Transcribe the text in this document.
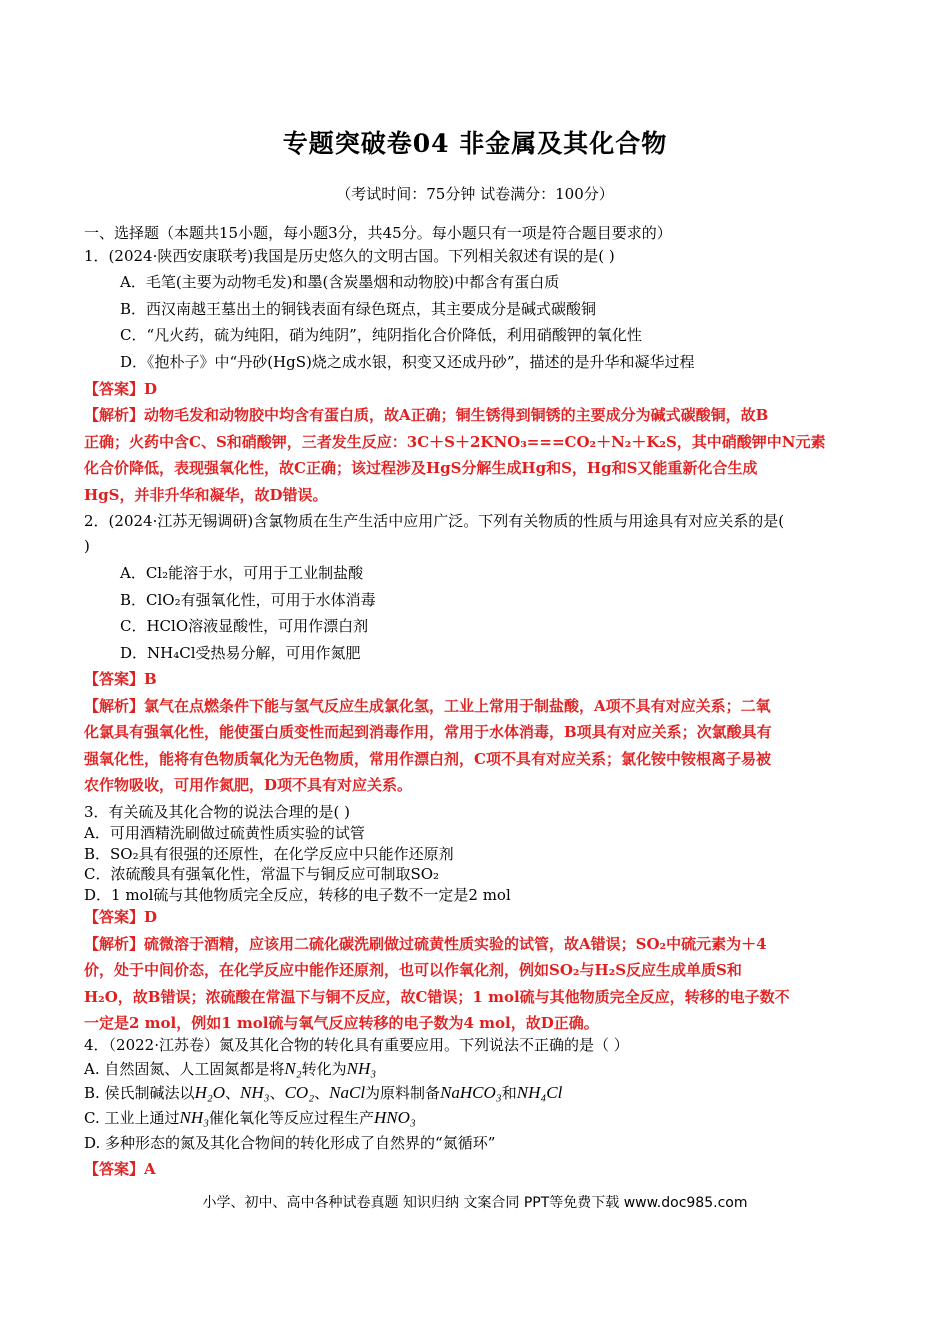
专题突破卷04 非金属及其化合物
（考试时间：75分钟 试卷满分：100分）
一、选择题（本题共15小题，每小题3分，共45分。每小题只有一项是符合题目要求的）
1．(2024·陕西安康联考)我国是历史悠久的文明古国。下列相关叙述有误的是( )
A．毛笔(主要为动物毛发)和墨(含炭墨烟和动物胶)中都含有蛋白质
B．西汉南越王墓出土的铜钱表面有绿色斑点，其主要成分是碱式碳酸铜
C．“凡火药，硫为纯阳，硝为纯阴”，纯阴指化合价降低，利用硝酸钾的氧化性
D．《抱朴子》中“丹砂(HgS)烧之成水银，积变又还成丹砂”，描述的是升华和凝华过程
【答案】D
【解析】动物毛发和动物胶中均含有蛋白质，故A正确；铜生锈得到铜锈的主要成分为碱式碳酸铜，故B
正确；火药中含C、S和硝酸钾，三者发生反应：3C＋S＋2KNO₃===CO₂＋N₂＋K₂S，其中硝酸钾中N元素
化合价降低，表现强氧化性，故C正确；该过程涉及HgS分解生成Hg和S，Hg和S又能重新化合生成
HgS，并非升华和凝华，故D错误。
2．(2024·江苏无锡调研)含氯物质在生产生活中应用广泛。下列有关物质的性质与用途具有对应关系的是(
)
A．Cl₂能溶于水，可用于工业制盐酸
B．ClO₂有强氧化性，可用于水体消毒
C．HClO溶液显酸性，可用作漂白剂
D．NH₄Cl受热易分解，可用作氮肥
【答案】B
【解析】氯气在点燃条件下能与氢气反应生成氯化氢，工业上常用于制盐酸，A项不具有对应关系；二氧
化氯具有强氧化性，能使蛋白质变性而起到消毒作用，常用于水体消毒，B项具有对应关系；次氯酸具有
强氧化性，能将有色物质氧化为无色物质，常用作漂白剂，C项不具有对应关系；氯化铵中铵根离子易被
农作物吸收，可用作氮肥，D项不具有对应关系。
3．有关硫及其化合物的说法合理的是( )
A．可用酒精洗刷做过硫黄性质实验的试管
B．SO₂具有很强的还原性，在化学反应中只能作还原剂
C．浓硫酸具有强氧化性，常温下与铜反应可制取SO₂
D．1 mol硫与其他物质完全反应，转移的电子数不一定是2 mol
【答案】D
【解析】硫微溶于酒精，应该用二硫化碳洗刷做过硫黄性质实验的试管，故A错误；SO₂中硫元素为＋4
价，处于中间价态，在化学反应中能作还原剂，也可以作氧化剂，例如SO₂与H₂S反应生成单质S和
H₂O，故B错误；浓硫酸在常温下与铜不反应，故C错误；1 mol硫与其他物质完全反应，转移的电子数不
一定是2 mol，例如1 mol硫与氧气反应转移的电子数为4 mol，故D正确。
4．（2022·江苏卷）氮及其化合物的转化具有重要应用。下列说法不正确的是（ ）
A. 自然固氮、人工固氮都是将N₂转化为NH₃
B. 侯氏制碱法以H₂O、NH₃、CO₂、NaCl为原料制备NaHCO₃和NH₄Cl
C. 工业上通过NH₃催化氧化等反应过程生产HNO₃
D. 多种形态的氮及其化合物间的转化形成了自然界的“氮循环”
【答案】A
小学、初中、高中各种试卷真题 知识归纳 文案合同 PPT等免费下载 www.doc985.com
